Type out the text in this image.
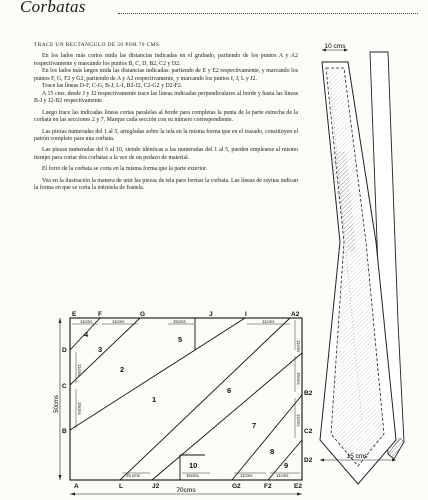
Corbatas

TRACE UN RECTANGULO DE 50 POR 70 CMS.

En los lados más cortos mida las distancias indicadas en el grabado, partiendo de los puntos A y A2 respectivamente y marcando los puntos B, C, D, B2, C2 y D2.

En los lados más largos mida las distancias indicadas: partiendo de E y E2 respectivamente, y marcando los puntos F, G, F2 y G2, partiendo de A y A2 respectivamente, y marcando los puntos I, J, L y J2.

Trace las líneas D-F, C-G, B-J, L-I, B2-J2, C2-G2 y D2-F2.

A 15 cms. desde J y J2 respectivamente trace las líneas indicadas perpendiculares al borde y hasta las líneas B-J y J2-B2 respectivamente.

Luego trace las indicadas líneas cortas paralelas al borde para completas la punta de la parte estrecha de la corbata en las secciones 2 y 7. Marque cada sección con su número correspondiente.

Las piezas numeradas del 1 al 5, arregladas sobre la tela en la misma forma que en el trazado, constituyen el patrón completo para una corbata.

Las piezas numeradas del 6 al 10, siendo idénticas a las numeradas del 1 al 5, pueden emplearse al mismo tiempo para cortar dos corbatas a la vez de un pedazo de material.

El forro de la corbata se corta en la misma forma que la parte exterior.

Vea en la ilustración la manera de unir las piezas de tela para formar la corbata. Las líneas de rayitas indican la forma en que se corta la entretela de franela.

10 cms
15 cms
50cms
70cms
E	F	G	J	I	A2
A	L	J2	G2	F2	E2
B2
C2
D2
D
C
B
11cms	11cms	15cms	11cms
15 cms	15cms	11cms	11cms
11cms
15cms
11cms
11cms
15cms
4
3
2
1
5
6
7
8
9
10
